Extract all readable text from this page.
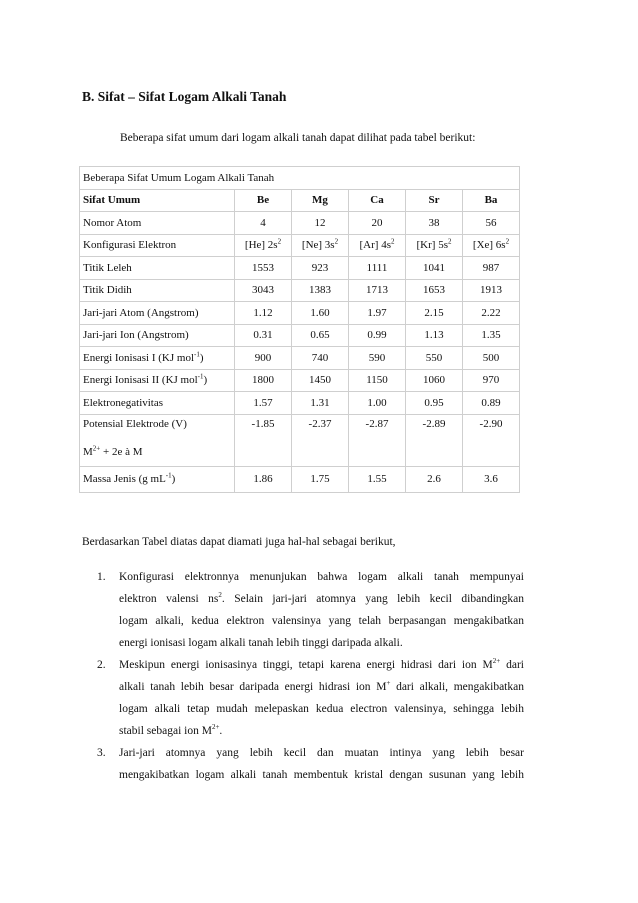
B. Sifat – Sifat Logam Alkali Tanah
Beberapa sifat umum dari logam alkali tanah dapat dilihat pada tabel berikut:
Beberapa Sifat Umum Logam Alkali Tanah					
Sifat Umum	Be	Mg	Ca	Sr	Ba
Nomor Atom	4	12	20	38	56
Konfigurasi Elektron	[He] $2s^2$	[Ne] $3s^2$	[Ar] $4s^2$	[Kr] $5s^2$	[Xe] $6s^2$
Titik Leleh	1553	923	1111	1041	987
Titik Didih	3043	1383	1713	1653	1913
Jari-jari Atom (Angstrom)	1.12	1.60	1.97	2.15	2.22
Jari-jari Ion (Angstrom)	0.31	0.65	0.99	1.13	1.35
Energi Ionisasi I (KJ mol$^{-1}$)	900	740	590	550	500
Energi Ionisasi II (KJ mol$^{-1}$)	1800	1450	1150	1060	970
Elektronegativitas	1.57	1.31	1.00	0.95	0.89
Potensial Elektrode (V)
$M^{2+} + 2e$ à M	-1.85	-2.37	-2.87	-2.89	-2.90
Massa Jenis (g $mL^{-1}$)	1.86	1.75	1.55	2.6	3.6
Berdasarkan Tabel diatas dapat diamati juga hal-hal sebagai berikut,
1. Konfigurasi elektronnya menunjukan bahwa logam alkali tanah mempunyai
elektron valensi $ns^2$. Selain jari-jari atomnya yang lebih kecil dibandingkan
logam alkali, kedua elektron valensinya yang telah berpasangan mengakibatkan
energi ionisasi logam alkali tanah lebih tinggi daripada alkali.
2. Meskipun energi ionisasinya tinggi, tetapi karena energi hidrasi dari ion $M^{2+}$ dari
alkali tanah lebih besar daripada energi hidrasi ion M+ dari alkali, mengakibatkan
logam alkali tetap mudah melepaskan kedua electron valensinya, sehingga lebih
stabil sebagai ion $M^{2+}$.
3. Jari-jari atomnya yang lebih kecil dan muatan intinya yang lebih besar
mengakibatkan logam alkali tanah membentuk kristal dengan susunan yang lebih
